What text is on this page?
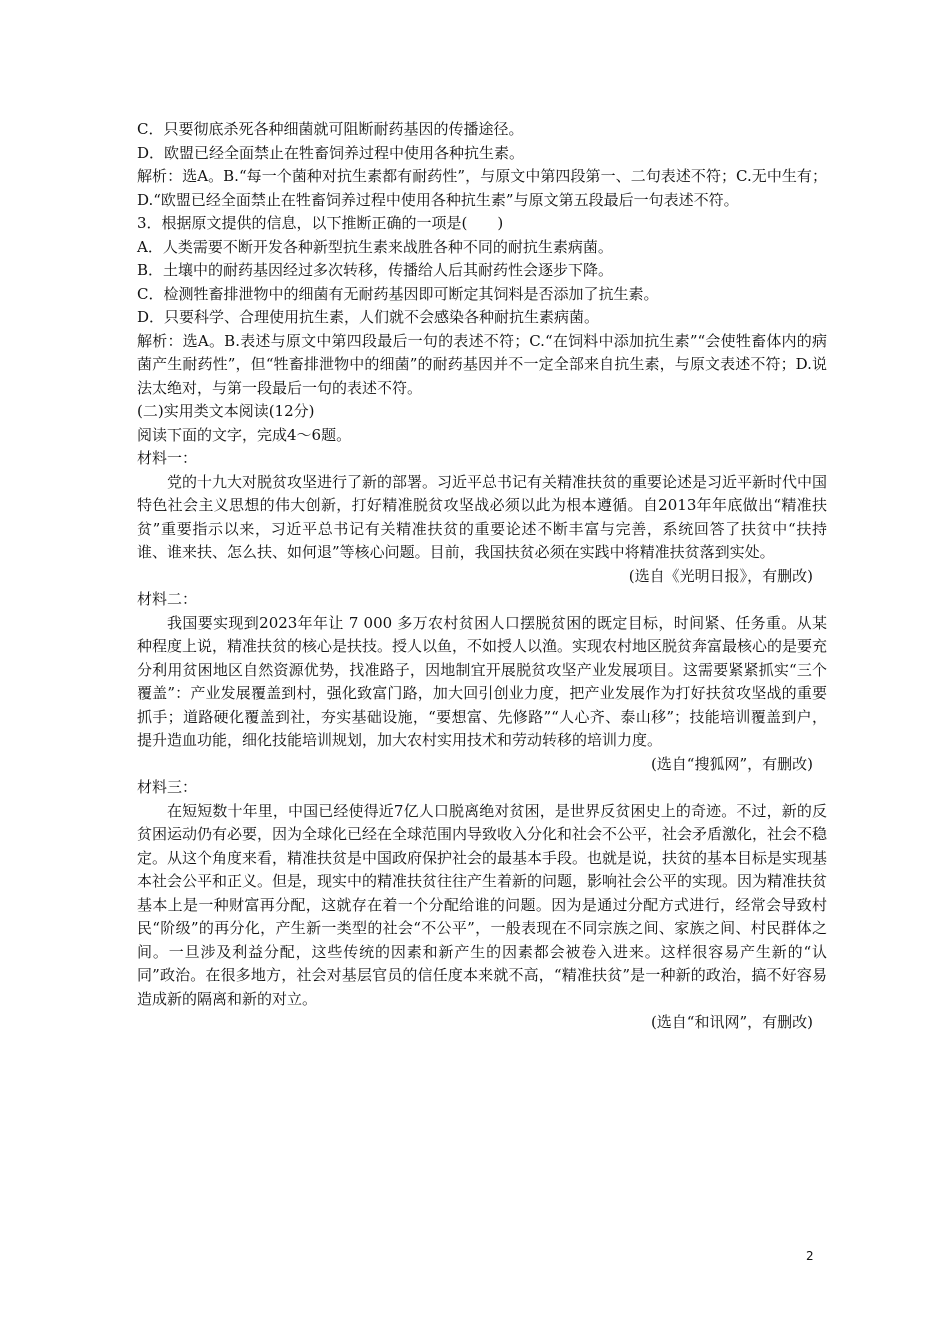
C．只要彻底杀死各种细菌就可阻断耐药基因的传播途径。

D．欧盟已经全面禁止在牲畜饲养过程中使用各种抗生素。

解析：选A。B.“每一个菌种对抗生素都有耐药性”，与原文中第四段第一、二句表述不符；C.无中生有；D.“欧盟已经全面禁止在牲畜饲养过程中使用各种抗生素”与原文第五段最后一句表述不符。

3．根据原文提供的信息，以下推断正确的一项是(　　)

A．人类需要不断开发各种新型抗生素来战胜各种不同的耐抗生素病菌。

B．土壤中的耐药基因经过多次转移，传播给人后其耐药性会逐步下降。

C．检测牲畜排泄物中的细菌有无耐药基因即可断定其饲料是否添加了抗生素。

D．只要科学、合理使用抗生素，人们就不会感染各种耐抗生素病菌。

解析：选A。B.表述与原文中第四段最后一句的表述不符；C.“在饲料中添加抗生素”“会使牲畜体内的病菌产生耐药性”，但“牲畜排泄物中的细菌”的耐药基因并不一定全部来自抗生素，与原文表述不符；D.说法太绝对，与第一段最后一句的表述不符。

(二)实用类文本阅读(12分)

阅读下面的文字，完成4～6题。

材料一：

党的十九大对脱贫攻坚进行了新的部署。习近平总书记有关精准扶贫的重要论述是习近平新时代中国特色社会主义思想的伟大创新，打好精准脱贫攻坚战必须以此为根本遵循。自2013年年底做出“精准扶贫”重要指示以来，习近平总书记有关精准扶贫的重要论述不断丰富与完善，系统回答了扶贫中“扶持谁、谁来扶、怎么扶、如何退”等核心问题。目前，我国扶贫必须在实践中将精准扶贫落到实处。

(选自《光明日报》，有删改)

材料二：

我国要实现到2023年年让 7 000 多万农村贫困人口摆脱贫困的既定目标，时间紧、任务重。从某种程度上说，精准扶贫的核心是扶技。授人以鱼，不如授人以渔。实现农村地区脱贫奔富最核心的是要充分利用贫困地区自然资源优势，找准路子，因地制宜开展脱贫攻坚产业发展项目。这需要紧紧抓实“三个覆盖”：产业发展覆盖到村，强化致富门路，加大回引创业力度，把产业发展作为打好扶贫攻坚战的重要抓手；道路硬化覆盖到社，夯实基础设施，“要想富、先修路”“人心齐、泰山移”；技能培训覆盖到户，提升造血功能，细化技能培训规划，加大农村实用技术和劳动转移的培训力度。

(选自“搜狐网”，有删改)

材料三：

在短短数十年里，中国已经使得近7亿人口脱离绝对贫困，是世界反贫困史上的奇迹。不过，新的反贫困运动仍有必要，因为全球化已经在全球范围内导致收入分化和社会不公平，社会矛盾激化，社会不稳定。从这个角度来看，精准扶贫是中国政府保护社会的最基本手段。也就是说，扶贫的基本目标是实现基本社会公平和正义。但是，现实中的精准扶贫往往产生着新的问题，影响社会公平的实现。因为精准扶贫基本上是一种财富再分配，这就存在着一个分配给谁的问题。因为是通过分配方式进行，经常会导致村民“阶级”的再分化，产生新一类型的社会“不公平”，一般表现在不同宗族之间、家族之间、村民群体之间。一旦涉及利益分配，这些传统的因素和新产生的因素都会被卷入进来。这样很容易产生新的“认同”政治。在很多地方，社会对基层官员的信任度本来就不高，“精准扶贫”是一种新的政治，搞不好容易造成新的隔离和新的对立。

(选自“和讯网”，有删改)

2
